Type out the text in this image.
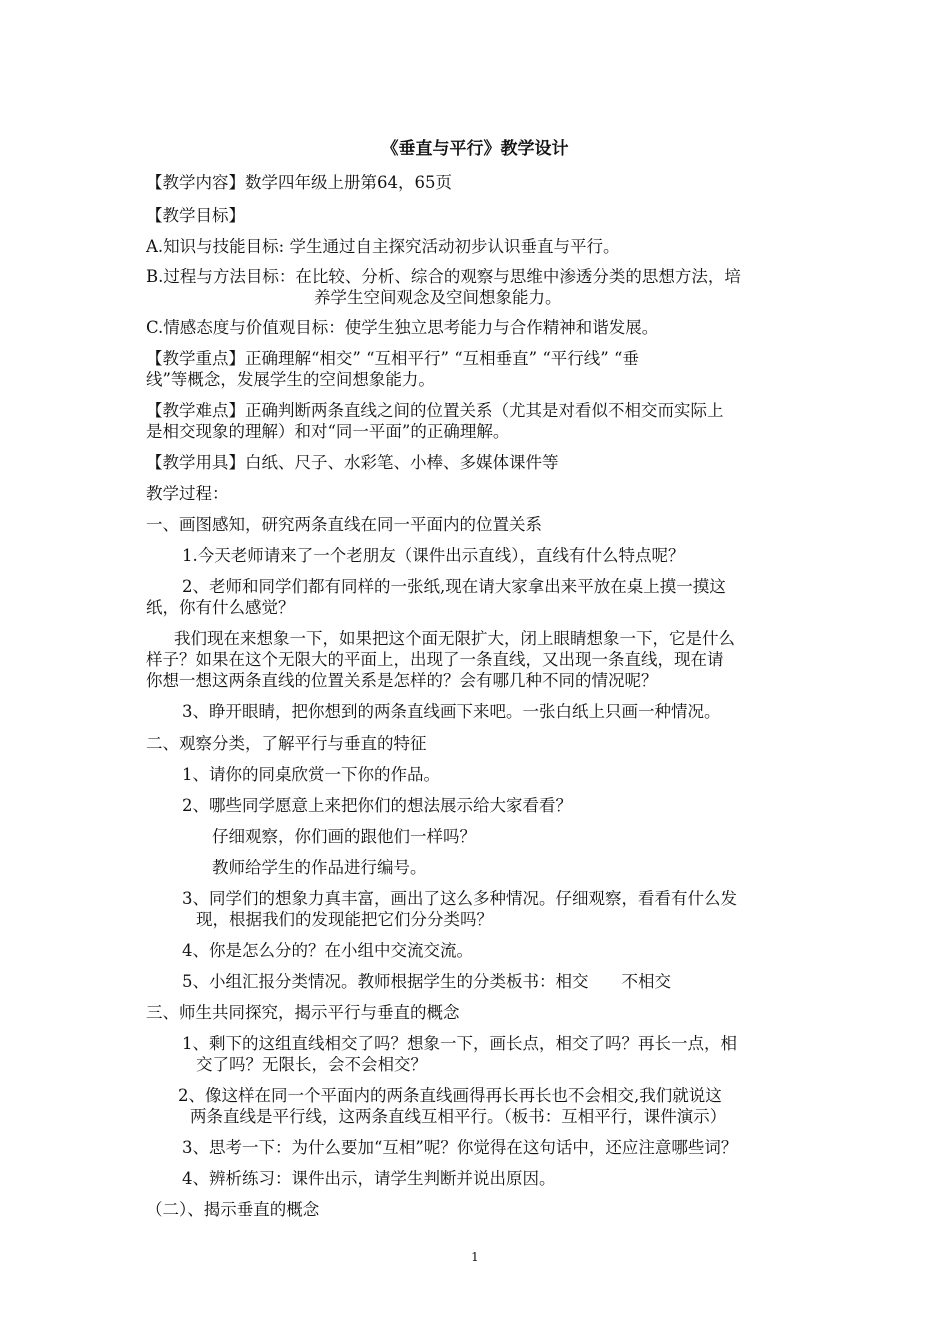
《垂直与平行》教学设计
【教学内容】数学四年级上册第64，65页
【教学目标】
A.知识与技能目标: 学生通过自主探究活动初步认识垂直与平行。
B.过程与方法目标：在比较、分析、综合的观察与思维中渗透分类的思想方法，培
养学生空间观念及空间想象能力。
C.情感态度与价值观目标：使学生独立思考能力与合作精神和谐发展。
【教学重点】正确理解“相交” “互相平行” “互相垂直” “平行线” “垂
线”等概念，发展学生的空间想象能力。
【教学难点】正确判断两条直线之间的位置关系（尤其是对看似不相交而实际上
是相交现象的理解）和对“同一平面”的正确理解。
【教学用具】白纸、尺子、水彩笔、小棒、多媒体课件等
教学过程：
一、画图感知，研究两条直线在同一平面内的位置关系
1.今天老师请来了一个老朋友（课件出示直线），直线有什么特点呢？
2、老师和同学们都有同样的一张纸,现在请大家拿出来平放在桌上摸一摸这
纸，你有什么感觉？
我们现在来想象一下，如果把这个面无限扩大，闭上眼睛想象一下，它是什么
样子？如果在这个无限大的平面上，出现了一条直线，又出现一条直线，现在请
你想一想这两条直线的位置关系是怎样的？会有哪几种不同的情况呢？
3、睁开眼睛，把你想到的两条直线画下来吧。一张白纸上只画一种情况。
二、观察分类，了解平行与垂直的特征
1、请你的同桌欣赏一下你的作品。
2、哪些同学愿意上来把你们的想法展示给大家看看？
仔细观察，你们画的跟他们一样吗？
教师给学生的作品进行编号。
3、同学们的想象力真丰富，画出了这么多种情况。仔细观察，看看有什么发
现，根据我们的发现能把它们分分类吗？
4、你是怎么分的？在小组中交流交流。
5、小组汇报分类情况。教师根据学生的分类板书：相交　　不相交
三、师生共同探究，揭示平行与垂直的概念
1、剩下的这组直线相交了吗？想象一下，画长点，相交了吗？再长一点，相
交了吗？无限长，会不会相交？
2、像这样在同一个平面内的两条直线画得再长再长也不会相交,我们就说这
两条直线是平行线，这两条直线互相平行。（板书：互相平行，课件演示）
3、思考一下：为什么要加“互相”呢？你觉得在这句话中，还应注意哪些词？
4、辨析练习：课件出示，请学生判断并说出原因。
（二）、揭示垂直的概念
1
